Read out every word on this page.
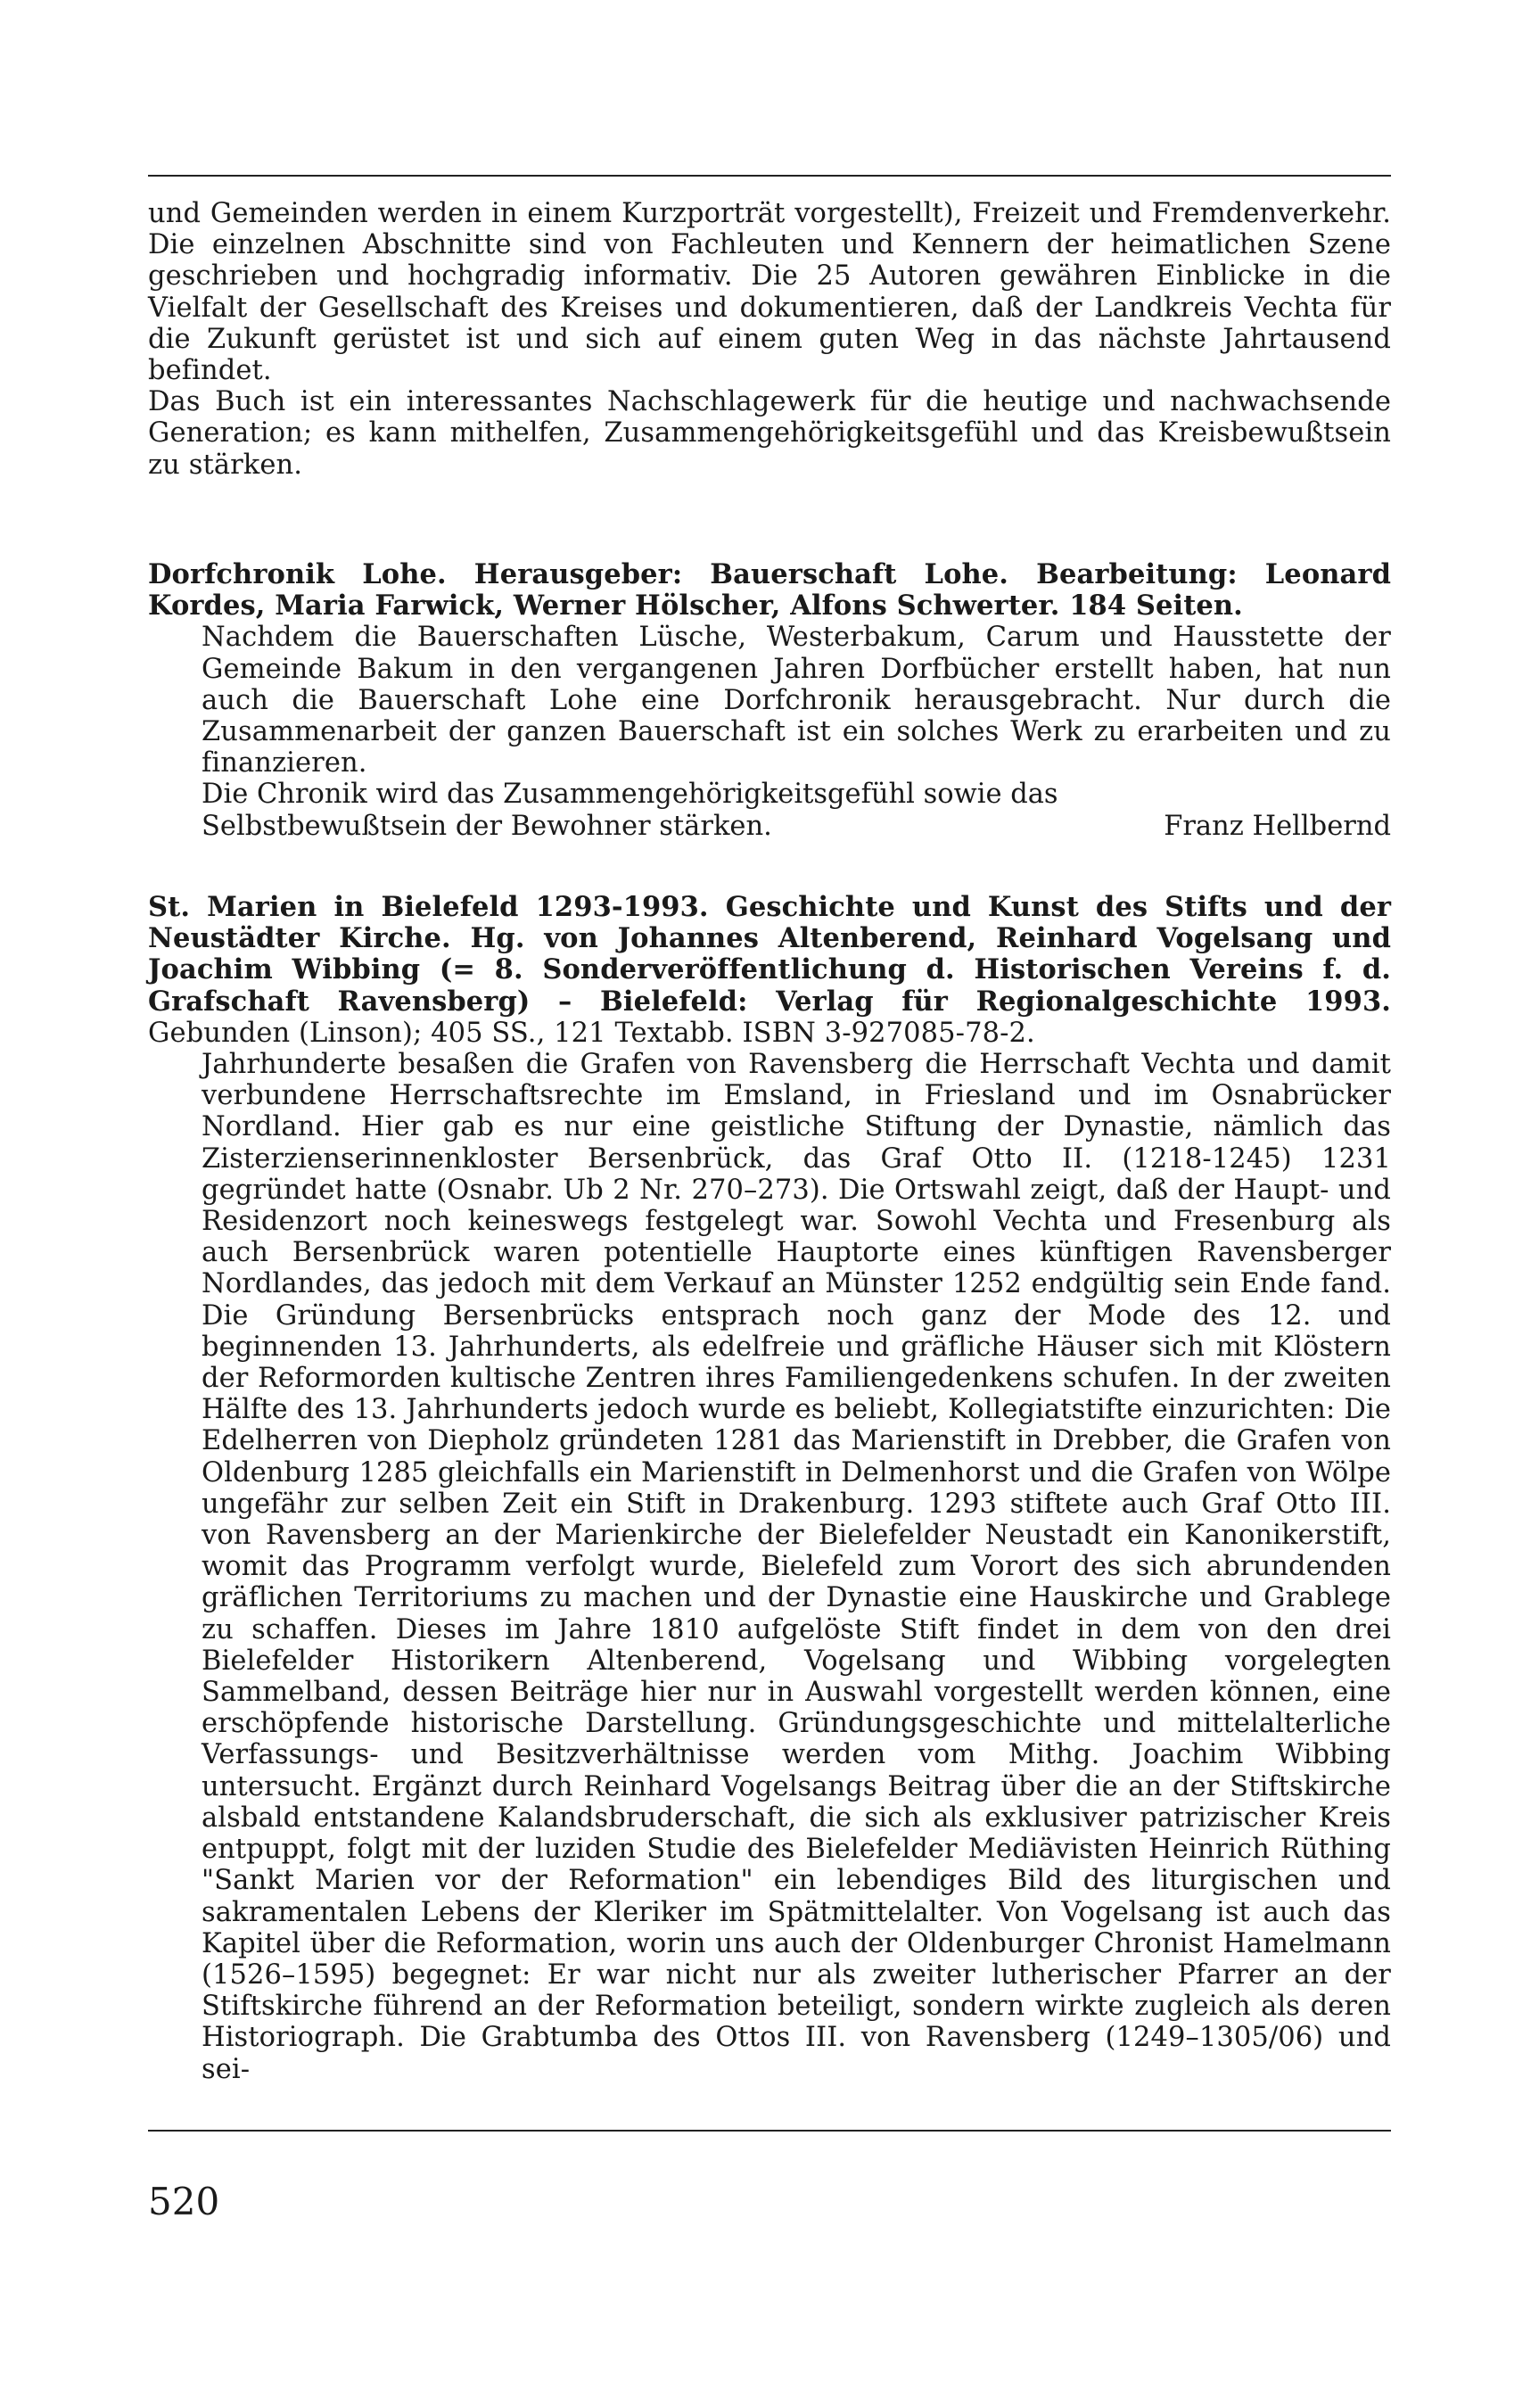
und Gemeinden werden in einem Kurzporträt vorgestellt), Freizeit und Fremdenverkehr. Die einzelnen Abschnitte sind von Fachleuten und Kennern der heimatlichen Szene geschrieben und hochgradig informativ. Die 25 Autoren gewähren Einblicke in die Vielfalt der Gesellschaft des Kreises und dokumentieren, daß der Landkreis Vechta für die Zukunft gerüstet ist und sich auf einem guten Weg in das nächste Jahrtausend befindet.
Das Buch ist ein interessantes Nachschlagewerk für die heutige und nachwachsende Generation; es kann mithelfen, Zusammengehörigkeitsgefühl und das Kreisbewußtsein zu stärken.
Dorfchronik Lohe. Herausgeber: Bauerschaft Lohe. Bearbeitung: Leonard Kordes, Maria Farwick, Werner Hölscher, Alfons Schwerter. 184 Seiten.
Nachdem die Bauerschaften Lüsche, Westerbakum, Carum und Hausstette der Gemeinde Bakum in den vergangenen Jahren Dorfbücher erstellt haben, hat nun auch die Bauerschaft Lohe eine Dorfchronik herausgebracht. Nur durch die Zusammenarbeit der ganzen Bauerschaft ist ein solches Werk zu erarbeiten und zu finanzieren.
Die Chronik wird das Zusammengehörigkeitsgefühl sowie das Selbstbewußtsein der Bewohner stärken.	Franz Hellbernd
St. Marien in Bielefeld 1293-1993. Geschichte und Kunst des Stifts und der Neustädter Kirche. Hg. von Johannes Altenberend, Reinhard Vogelsang und Joachim Wibbing (= 8. Sonderveröffentlichung d. Historischen Vereins f. d. Grafschaft Ravensberg) – Bielefeld: Verlag für Regionalgeschichte 1993. Gebunden (Linson); 405 SS., 121 Textabb. ISBN 3-927085-78-2.
Jahrhunderte besaßen die Grafen von Ravensberg die Herrschaft Vechta und damit verbundene Herrschaftsrechte im Emsland, in Friesland und im Osnabrücker Nordland. Hier gab es nur eine geistliche Stiftung der Dynastie, nämlich das Zisterzienserinnenkloster Bersenbrück, das Graf Otto II. (1218-1245) 1231 gegründet hatte (Osnabr. Ub 2 Nr. 270–273). Die Ortswahl zeigt, daß der Haupt- und Residenzort noch keineswegs festgelegt war. Sowohl Vechta und Fresenburg als auch Bersenbrück waren potentielle Hauptorte eines künftigen Ravensberger Nordlandes, das jedoch mit dem Verkauf an Münster 1252 endgültig sein Ende fand. Die Gründung Bersenbrücks entsprach noch ganz der Mode des 12. und beginnenden 13. Jahrhunderts, als edelfreie und gräfliche Häuser sich mit Klöstern der Reformorden kultische Zentren ihres Familiengedenkens schufen. In der zweiten Hälfte des 13. Jahrhunderts jedoch wurde es beliebt, Kollegiatstifte einzurichten: Die Edelherren von Diepholz gründeten 1281 das Marienstift in Drebber, die Grafen von Oldenburg 1285 gleichfalls ein Marienstift in Delmenhorst und die Grafen von Wölpe ungefähr zur selben Zeit ein Stift in Drakenburg. 1293 stiftete auch Graf Otto III. von Ravensberg an der Marienkirche der Bielefelder Neustadt ein Kanonikerstift, womit das Programm verfolgt wurde, Bielefeld zum Vorort des sich abrundenden gräflichen Territoriums zu machen und der Dynastie eine Hauskirche und Grablege zu schaffen. Dieses im Jahre 1810 aufgelöste Stift findet in dem von den drei Bielefelder Historikern Altenberend, Vogelsang und Wibbing vorgelegten Sammelband, dessen Beiträge hier nur in Auswahl vorgestellt werden können, eine erschöpfende historische Darstellung. Gründungsgeschichte und mittelalterliche Verfassungs- und Besitzverhältnisse werden vom Mithg. Joachim Wibbing untersucht. Ergänzt durch Reinhard Vogelsangs Beitrag über die an der Stiftskirche alsbald entstandene Kalandsbruderschaft, die sich als exklusiver patrizischer Kreis entpuppt, folgt mit der luziden Studie des Bielefelder Mediävisten Heinrich Rüthing "Sankt Marien vor der Reformation" ein lebendiges Bild des liturgischen und sakramentalen Lebens der Kleriker im Spätmittelalter. Von Vogelsang ist auch das Kapitel über die Reformation, worin uns auch der Oldenburger Chronist Hamelmann (1526–1595) begegnet: Er war nicht nur als zweiter lutherischer Pfarrer an der Stiftskirche führend an der Reformation beteiligt, sondern wirkte zugleich als deren Historiograph. Die Grabtumba des Ottos III. von Ravensberg (1249–1305/06) und sei-
520
